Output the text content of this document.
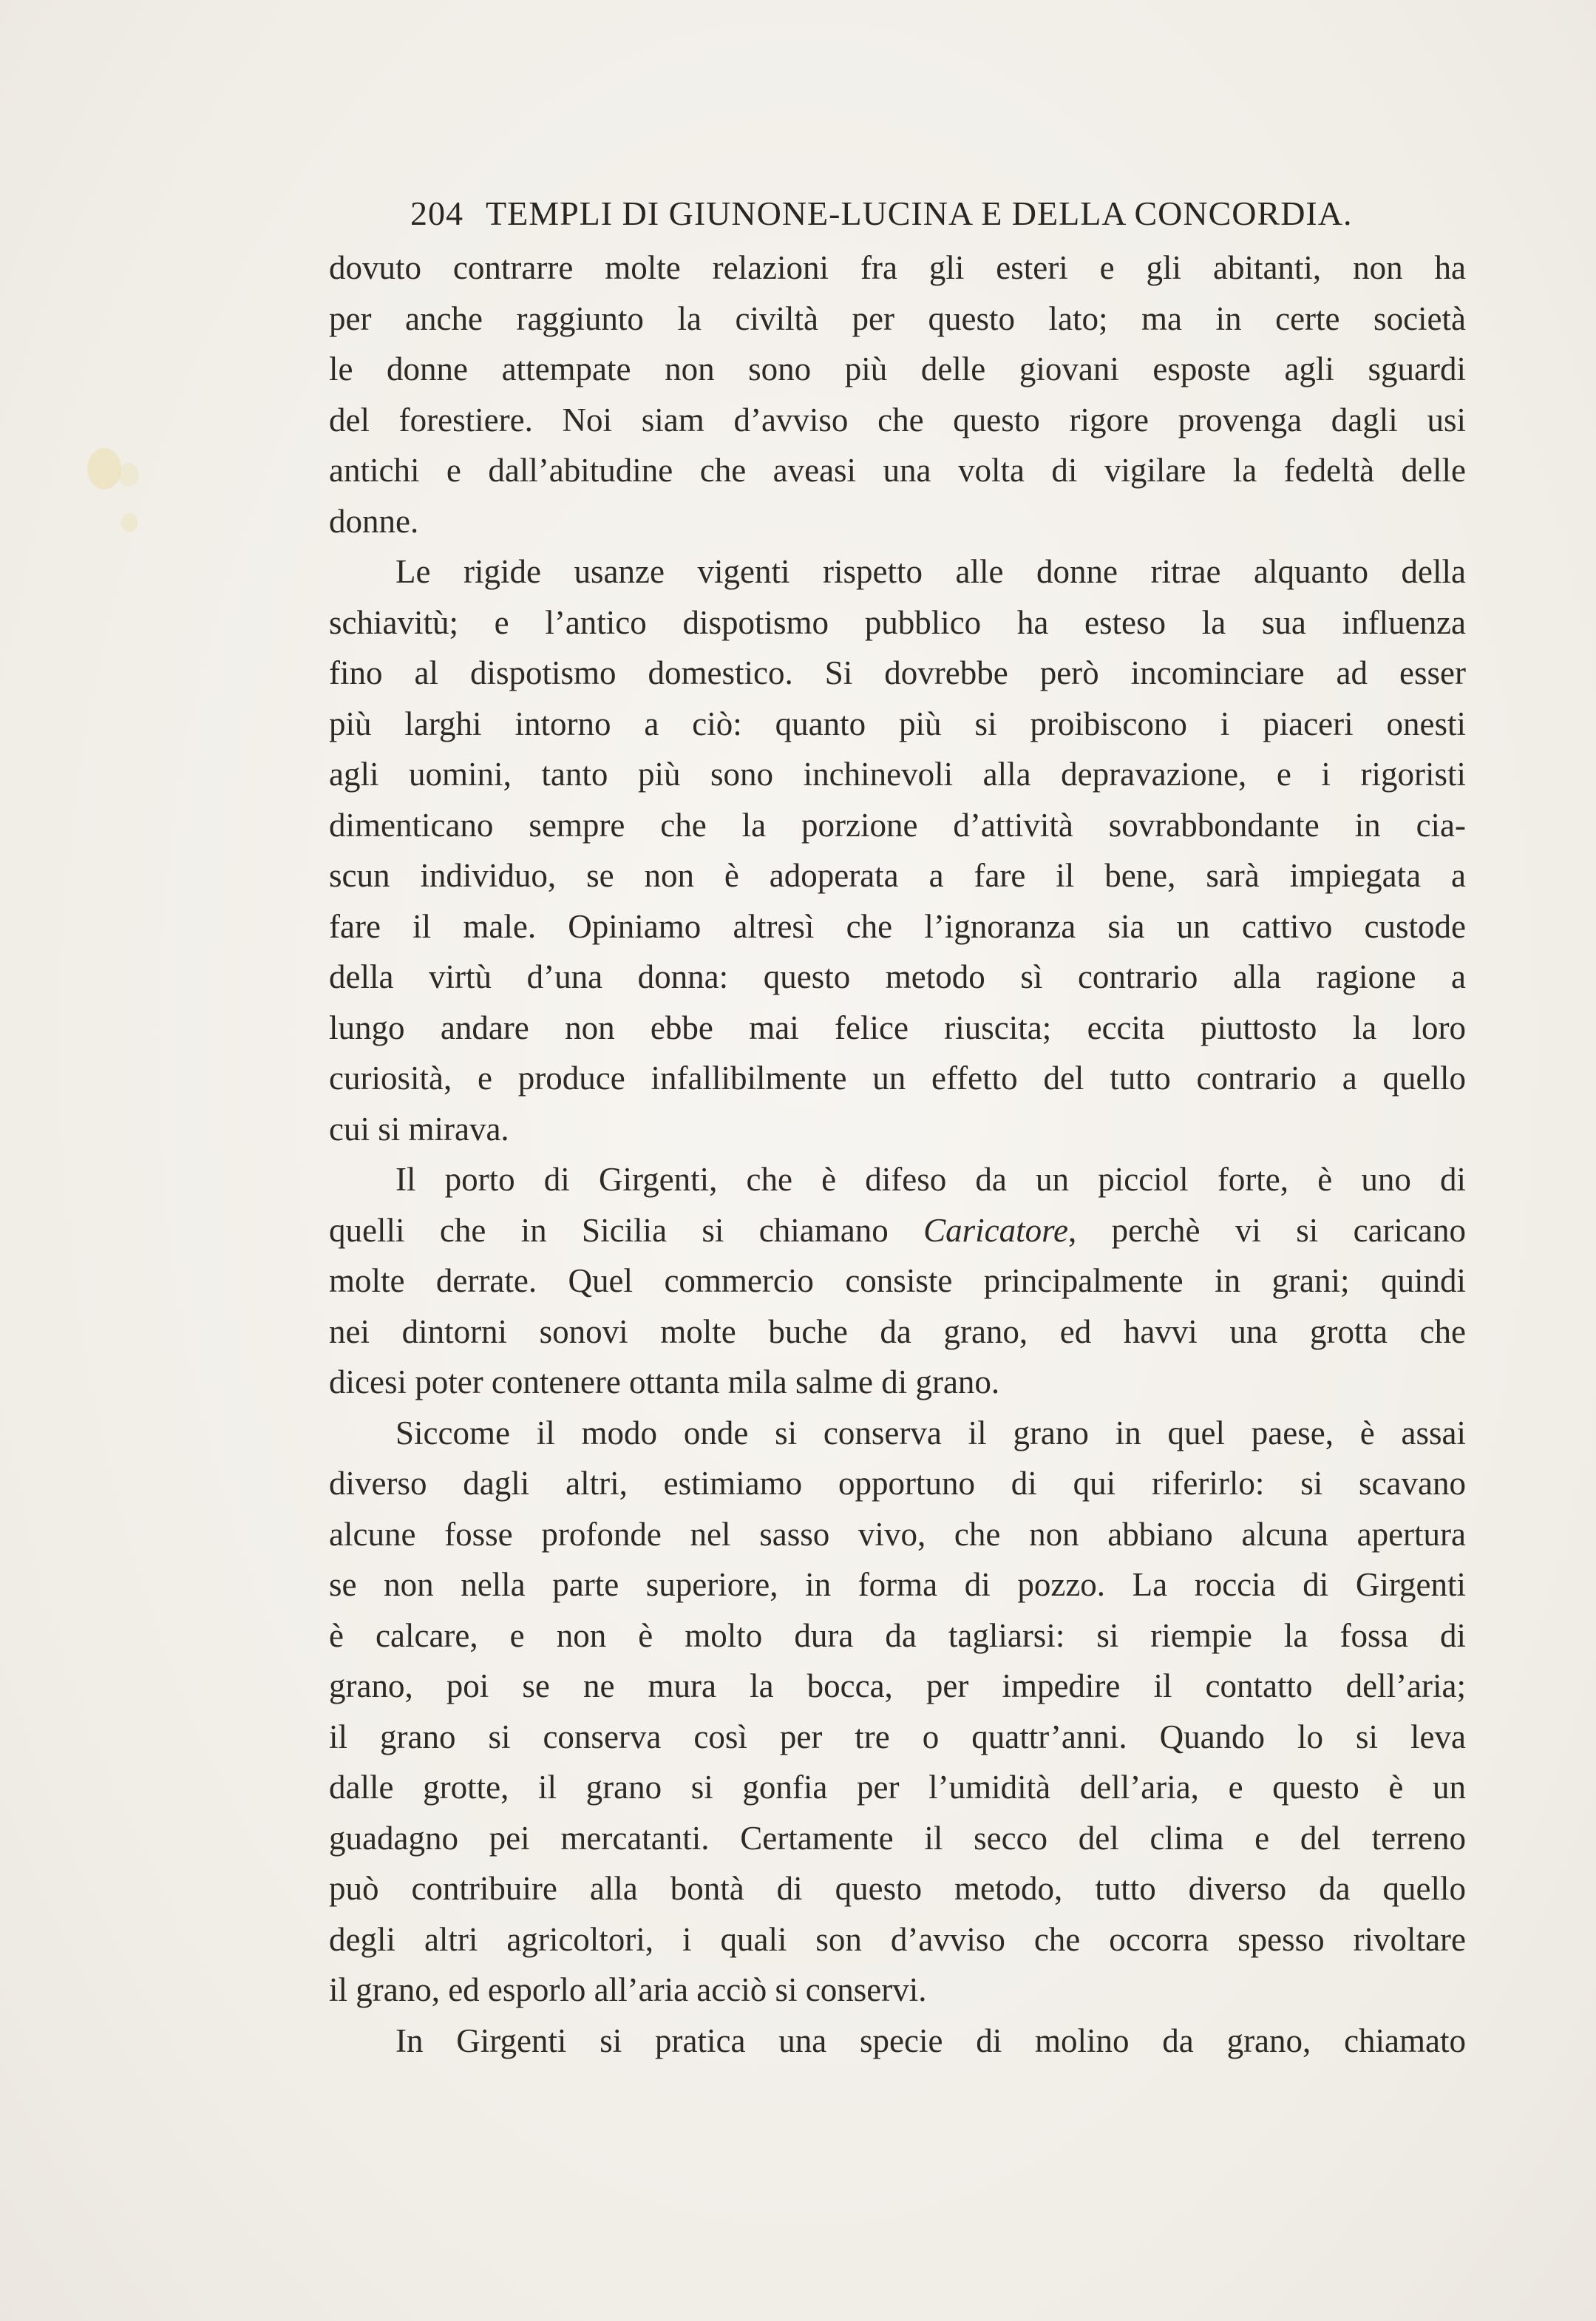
204 TEMPLI DI GIUNONE-LUCINA E DELLA CONCORDIA.
dovuto contrarre molte relazioni fra gli esteri e gli abitanti, non ha
per anche raggiunto la civiltà per questo lato; ma in certe società
le donne attempate non sono più delle giovani esposte agli sguardi
del forestiere. Noi siam d’avviso che questo rigore provenga dagli usi
antichi e dall’abitudine che aveasi una volta di vigilare la fedeltà delle
donne.
Le rigide usanze vigenti rispetto alle donne ritrae alquanto della
schiavitù; e l’antico dispotismo pubblico ha esteso la sua influenza
fino al dispotismo domestico. Si dovrebbe però incominciare ad esser
più larghi intorno a ciò: quanto più si proibiscono i piaceri onesti
agli uomini, tanto più sono inchinevoli alla depravazione, e i rigoristi
dimenticano sempre che la porzione d’attività sovrabbondante in cia-
scun individuo, se non è adoperata a fare il bene, sarà impiegata a
fare il male. Opiniamo altresì che l’ignoranza sia un cattivo custode
della virtù d’una donna: questo metodo sì contrario alla ragione a
lungo andare non ebbe mai felice riuscita; eccita piuttosto la loro
curiosità, e produce infallibilmente un effetto del tutto contrario a quello
cui si mirava.
Il porto di Girgenti, che è difeso da un picciol forte, è uno di
quelli che in Sicilia si chiamano Caricatore, perchè vi si caricano
molte derrate. Quel commercio consiste principalmente in grani; quindi
nei dintorni sonovi molte buche da grano, ed havvi una grotta che
dicesi poter contenere ottanta mila salme di grano.
Siccome il modo onde si conserva il grano in quel paese, è assai
diverso dagli altri, estimiamo opportuno di qui riferirlo: si scavano
alcune fosse profonde nel sasso vivo, che non abbiano alcuna apertura
se non nella parte superiore, in forma di pozzo. La roccia di Girgenti
è calcare, e non è molto dura da tagliarsi: si riempie la fossa di
grano, poi se ne mura la bocca, per impedire il contatto dell’aria;
il grano si conserva così per tre o quattr’anni. Quando lo si leva
dalle grotte, il grano si gonfia per l’umidità dell’aria, e questo è un
guadagno pei mercatanti. Certamente il secco del clima e del terreno
può contribuire alla bontà di questo metodo, tutto diverso da quello
degli altri agricoltori, i quali son d’avviso che occorra spesso rivoltare
il grano, ed esporlo all’aria acciò si conservi.
In Girgenti si pratica una specie di molino da grano, chiamato
